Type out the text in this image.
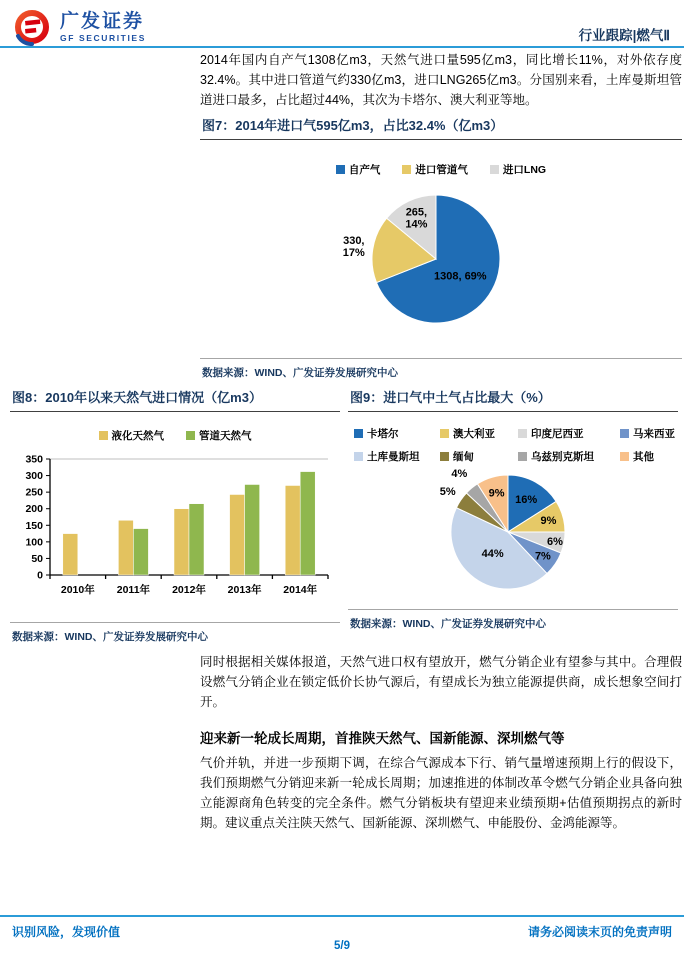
广发证券
GF SECURITIES	行业跟踪|燃气Ⅱ
2014年国内自产气1308亿m3，天然气进口量595亿m3，同比增长11%，对外依存度32.4%。其中进口管道气约330亿m3，进口LNG265亿m3。分国别来看，土库曼斯坦管道进口最多，占比超过44%，其次为卡塔尔、澳大利亚等地。
图7：2014年进口气595亿m3，占比32.4%（亿m3）
自产气	进口管道气	进口LNG
1308, 69%
330, 17%
265, 14%
数据来源：WIND、广发证券发展研究中心
图8：2010年以来天然气进口情况（亿m3）
液化天然气	管道天然气
0
50
100
150
200
250
300
350
2010年 2011年 2012年 2013年 2014年
数据来源：WIND、广发证券发展研究中心
图9：进口气中土气占比最大（%）
卡塔尔	澳大利亚	印度尼西亚	马来西亚
土库曼斯坦	缅甸	乌兹别克斯坦	其他
16%
9%
6%
7%
44%
5%
4%
9%
数据来源：WIND、广发证券发展研究中心
同时根据相关媒体报道，天然气进口权有望放开，燃气分销企业有望参与其中。合理假设燃气分销企业在锁定低价长协气源后，有望成长为独立能源提供商，成长想象空间打开。
迎来新一轮成长周期，首推陕天然气、国新能源、深圳燃气等
气价并轨，并进一步预期下调，在综合气源成本下行、销气量增速预期上行的假设下，我们预期燃气分销迎来新一轮成长周期；加速推进的体制改革令燃气分销企业具备向独立能源商角色转变的完全条件。燃气分销板块有望迎来业绩预期+估值预期拐点的新时期。建议重点关注陕天然气、国新能源、深圳燃气、申能股份、金鸿能源等。
识别风险，发现价值	请务必阅读末页的免责声明
5/9
